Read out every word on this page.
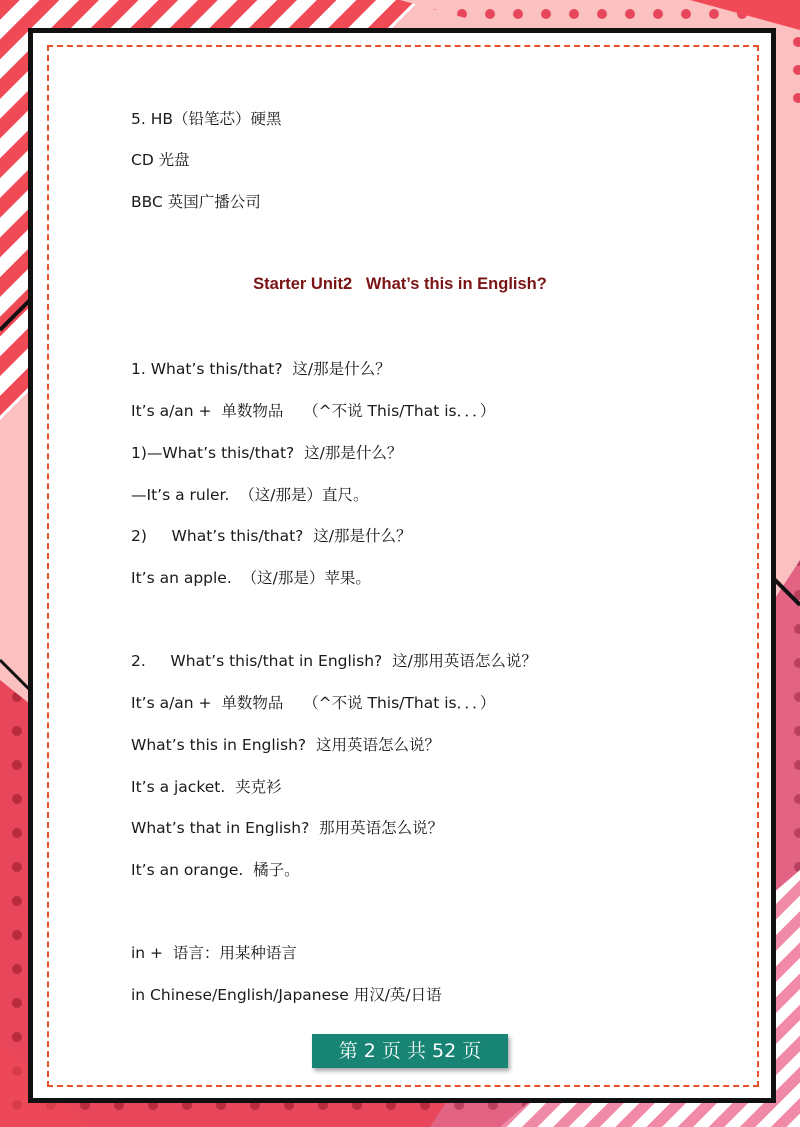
5. HB（铅笔芯）硬黑
CD 光盘
BBC 英国广播公司
Starter Unit2   What’s this in English?
1. What’s this/that?  这/那是什么？
It’s a/an +  单数物品    （^不说 This/That is．．．）
1)—What’s this/that?  这/那是什么？
—It’s a ruler.  （这/那是）直尺。
2)     What’s this/that?  这/那是什么？
It’s an apple.  （这/那是）苹果。
2.     What’s this/that in English?  这/那用英语怎么说？
It’s a/an +  单数物品    （^不说 This/That is．．．）
What’s this in English?  这用英语怎么说？
It’s a jacket.  夹克衫
What’s that in English?  那用英语怎么说？
It’s an orange.  橘子。
in +  语言：用某种语言
in Chinese/English/Japanese 用汉/英/日语
第 2 页 共 52 页
